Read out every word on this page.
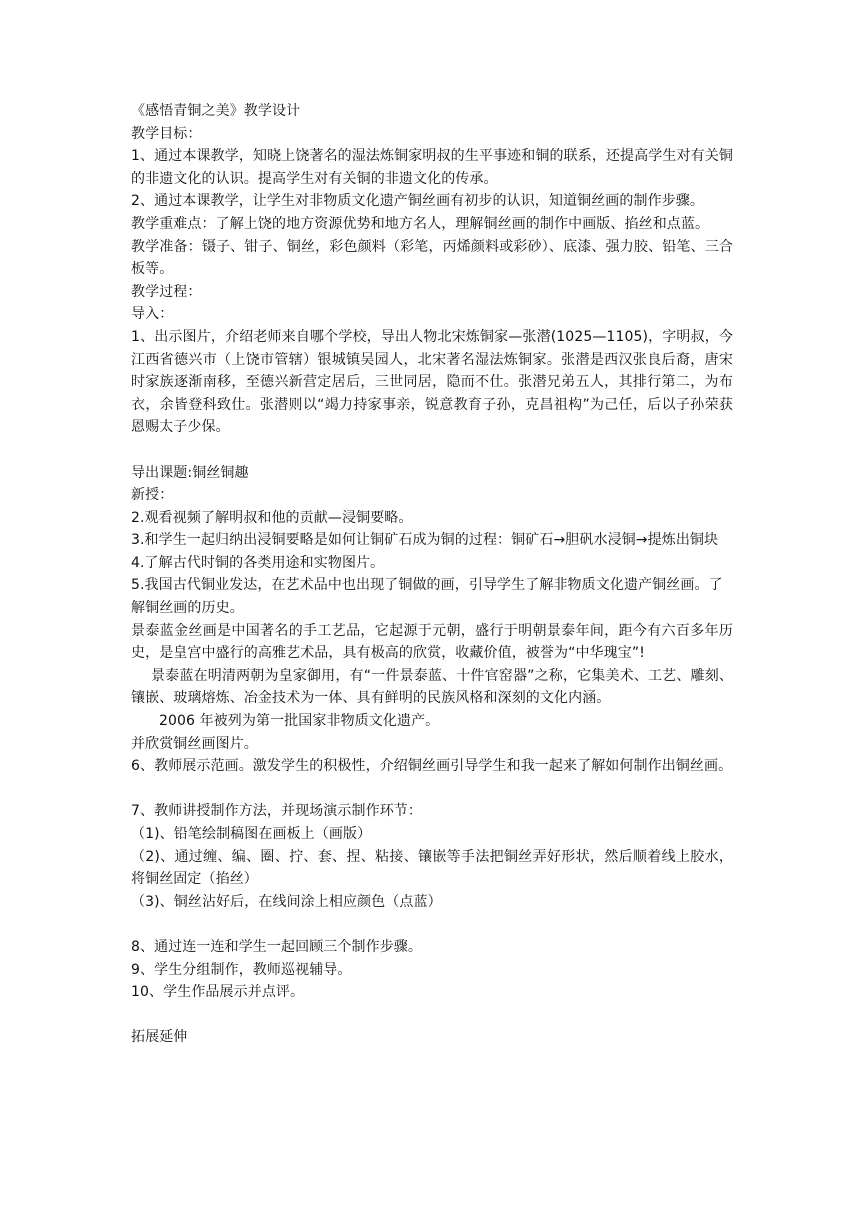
《感悟青铜之美》教学设计

教学目标：

1、通过本课教学，知晓上饶著名的湿法炼铜家明叔的生平事迹和铜的联系，还提高学生对有关铜的非遗文化的认识。提高学生对有关铜的非遗文化的传承。

2、通过本课教学，让学生对非物质文化遗产铜丝画有初步的认识，知道铜丝画的制作步骤。

教学重难点：了解上饶的地方资源优势和地方名人，理解铜丝画的制作中画版、掐丝和点蓝。

教学准备：镊子、钳子、铜丝，彩色颜料（彩笔，丙烯颜料或彩砂）、底漆、强力胶、铅笔、三合板等。

教学过程：

导入：

1、出示图片，介绍老师来自哪个学校，导出人物北宋炼铜家—张潜(1025—1105)，字明叔，今江西省德兴市（上饶市管辖）银城镇吴园人，北宋著名湿法炼铜家。张潜是西汉张良后裔，唐宋时家族逐渐南移，至德兴新营定居后，三世同居，隐而不仕。张潜兄弟五人，其排行第二，为布衣，余皆登科致仕。张潜则以“竭力持家事亲，锐意教育子孙，克昌祖构”为己任，后以子孙荣获恩赐太子少保。

导出课题:铜丝铜趣

新授：

2.观看视频了解明叔和他的贡献—浸铜要略。

3.和学生一起归纳出浸铜要略是如何让铜矿石成为铜的过程：铜矿石→胆矾水浸铜→提炼出铜块

4.了解古代时铜的各类用途和实物图片。

5.我国古代铜业发达，在艺术品中也出现了铜做的画，引导学生了解非物质文化遗产铜丝画。了解铜丝画的历史。

景泰蓝金丝画是中国著名的手工艺品，它起源于元朝，盛行于明朝景泰年间，距今有六百多年历史，是皇宫中盛行的高雅艺术品，具有极高的欣赏，收藏价值，被誉为“中华瑰宝”!

景泰蓝在明清两朝为皇家御用，有“一件景泰蓝、十件官窑器”之称，它集美术、工艺、雕刻、镶嵌、玻璃熔炼、冶金技术为一体、具有鲜明的民族风格和深刻的文化内涵。

2006 年被列为第一批国家非物质文化遗产。

并欣赏铜丝画图片。

6、教师展示范画。激发学生的积极性，介绍铜丝画引导学生和我一起来了解如何制作出铜丝画。

7、教师讲授制作方法，并现场演示制作环节：

（1)、铅笔绘制稿图在画板上（画版）

（2)、通过缠、编、圈、拧、套、捏、粘接、镶嵌等手法把铜丝弄好形状，然后顺着线上胶水，将铜丝固定（掐丝）

（3)、铜丝沾好后，在线间涂上相应颜色（点蓝）

8、通过连一连和学生一起回顾三个制作步骤。

9、学生分组制作，教师巡视辅导。

10、学生作品展示并点评。

拓展延伸
